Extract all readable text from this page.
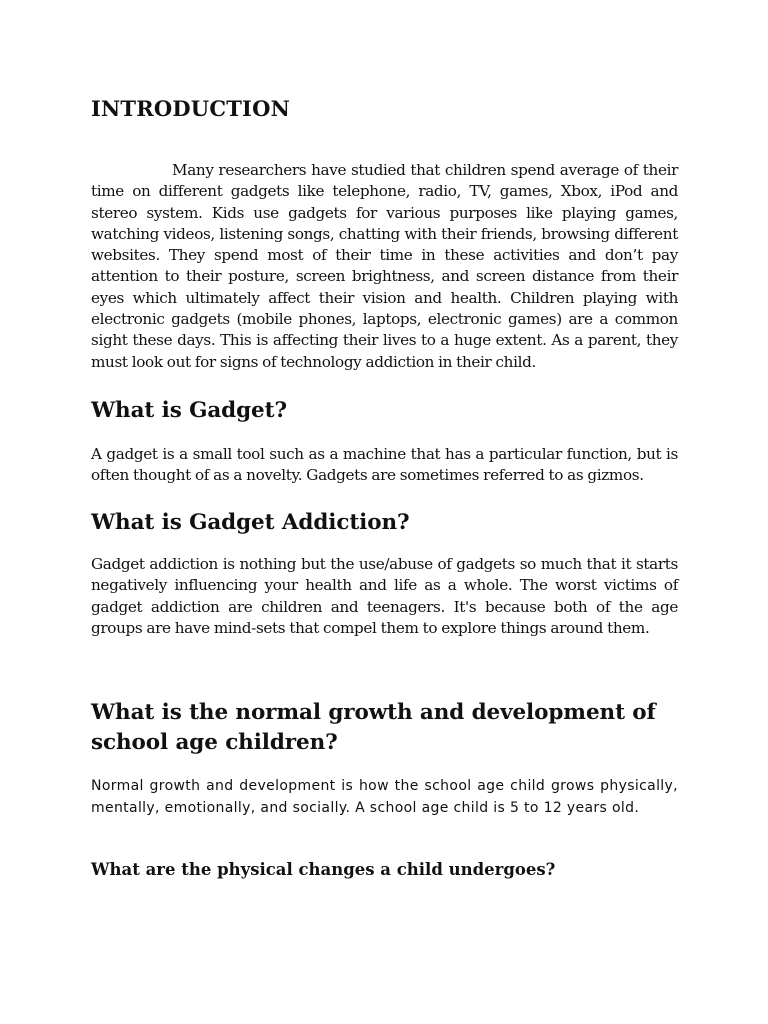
INTRODUCTION

Many researchers have studied that children spend average of their time on different gadgets like telephone, radio, TV, games, Xbox, iPod and stereo system. Kids use gadgets for various purposes like playing games, watching videos, listening songs, chatting with their friends, browsing different websites. They spend most of their time in these activities and don’t pay attention to their posture, screen brightness, and screen distance from their eyes which ultimately affect their vision and health. Children playing with electronic gadgets (mobile phones, laptops, electronic games) are a common sight these days. This is affecting their lives to a huge extent. As a parent, they must look out for signs of technology addiction in their child.

What is Gadget?

A gadget is a small tool such as a machine that has a particular function, but is often thought of as a novelty. Gadgets are sometimes referred to as gizmos.

What is Gadget Addiction?

Gadget addiction is nothing but the use/abuse of gadgets so much that it starts negatively influencing your health and life as a whole. The worst victims of gadget addiction are children and teenagers. It's because both of the age groups are have mind-sets that compel them to explore things around them.

What is the normal growth and development of school age children?

Normal growth and development is how the school age child grows physically, mentally, emotionally, and socially. A school age child is 5 to 12 years old.

What are the physical changes a child undergoes?
